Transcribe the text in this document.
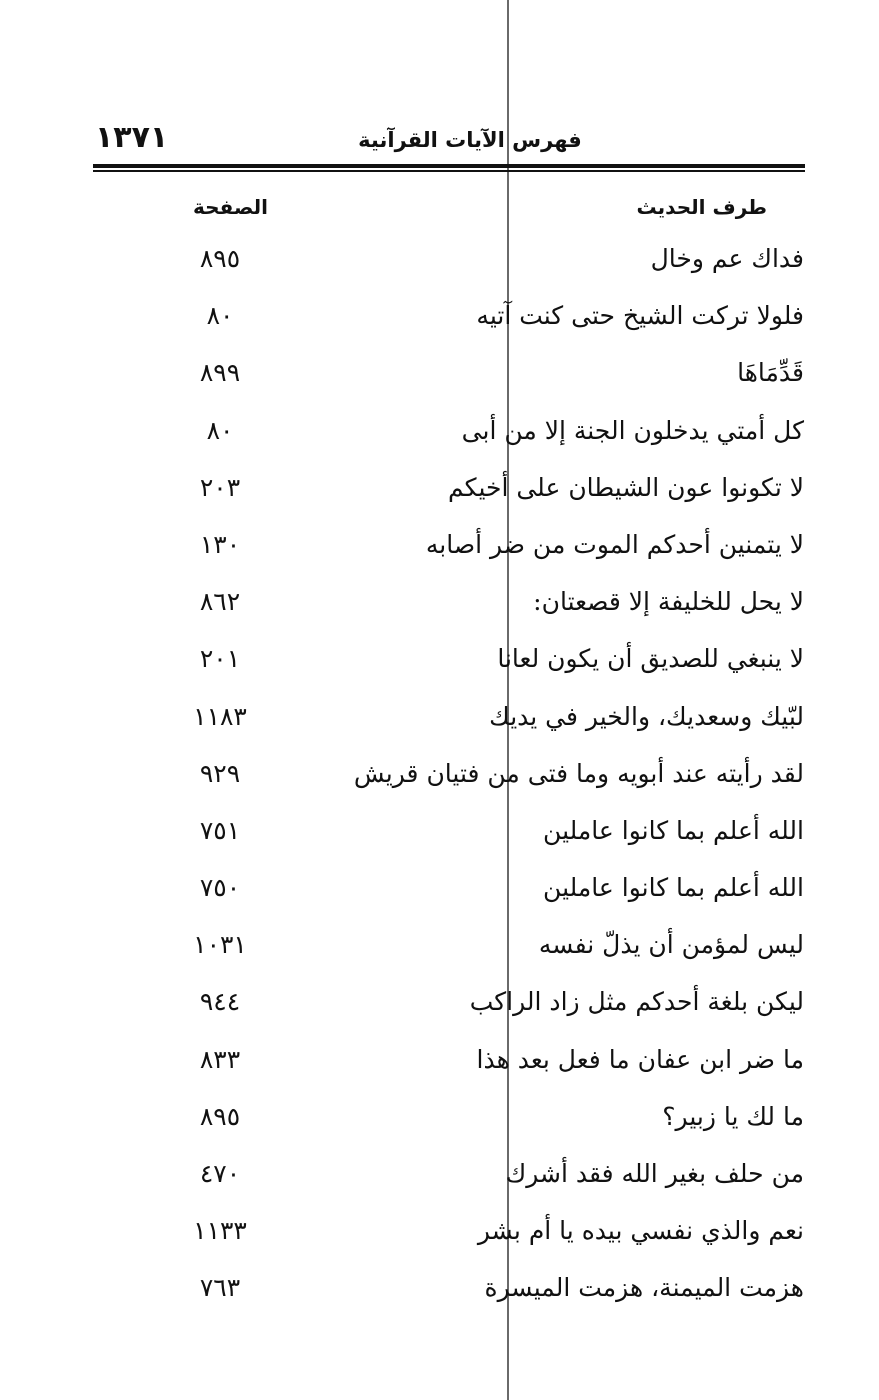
١٣٧١	فهرس الآيات القرآنية
طرف الحديث
الصفحة
فداك عم وخال
٨٩٥
فلولا تركت الشيخ حتى كنت آتيه
٨٠
قَدِّمَاهَا
٨٩٩
كل أمتي يدخلون الجنة إلا من أبى
٨٠
لا تكونوا عون الشيطان على أخيكم
٢٠٣
لا يتمنين أحدكم الموت من ضر أصابه
١٣٠
لا يحل للخليفة إلا قصعتان:
٨٦٢
لا ينبغي للصديق أن يكون لعانا
٢٠١
لبّيك وسعديك، والخير في يديك
١١٨٣
لقد رأيته عند أبويه وما فتى من فتيان قريش
٩٢٩
الله أعلم بما كانوا عاملين
٧٥١
الله أعلم بما كانوا عاملين
٧٥٠
ليس لمؤمن أن يذلّ نفسه
١٠٣١
ليكن بلغة أحدكم مثل زاد الراكب
٩٤٤
ما ضر ابن عفان ما فعل بعد هذا
٨٣٣
ما لك يا زبير؟
٨٩٥
من حلف بغير الله فقد أشرك
٤٧٠
نعم والذي نفسي بيده يا أم بشر
١١٣٣
هزمت الميمنة، هزمت الميسرة
٧٦٣
